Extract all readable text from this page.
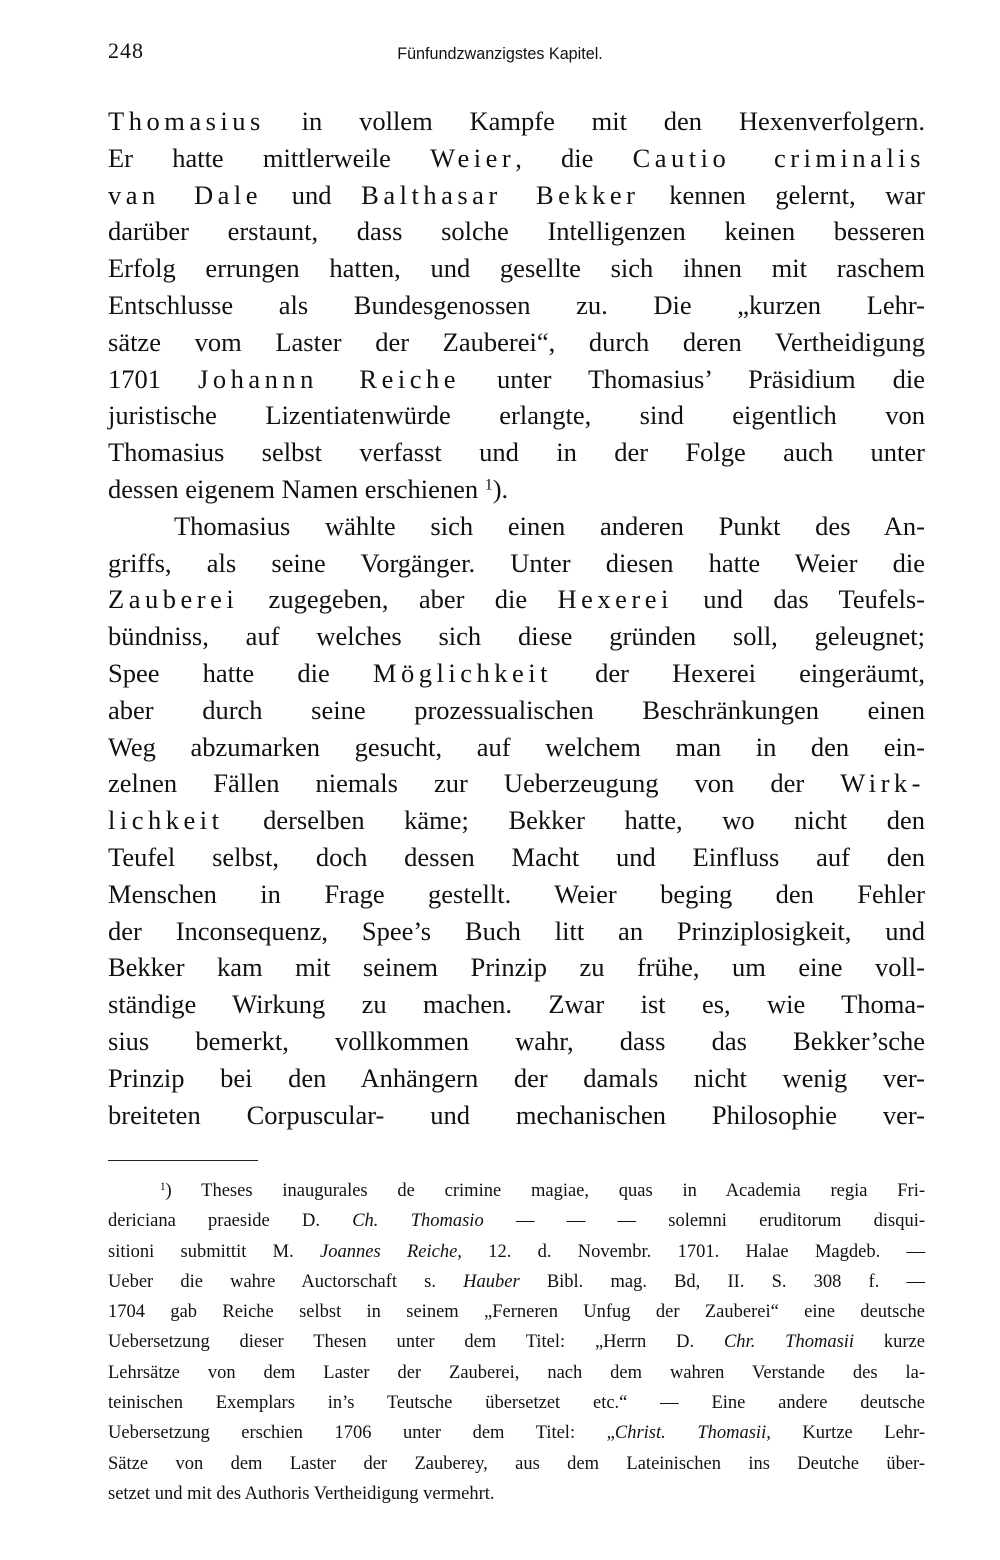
248	Fünfundzwanzigstes Kapitel.
Thomasius in vollem Kampfe mit den Hexenverfolgern.
Er hatte mittlerweile Weier, die Cautio criminalis
van Dale und Balthasar Bekker kennen gelernt, war
darüber erstaunt, dass solche Intelligenzen keinen besseren
Erfolg errungen hatten, und gesellte sich ihnen mit raschem
Entschlusse als Bundesgenossen zu. Die „kurzen Lehr-
sätze vom Laster der Zauberei“, durch deren Vertheidigung
1701 Johannn Reiche unter Thomasius’ Präsidium die
juristische Lizentiatenwürde erlangte, sind eigentlich von
Thomasius selbst verfasst und in der Folge auch unter
dessen eigenem Namen erschienen $^1$).
Thomasius wählte sich einen anderen Punkt des An-
griffs, als seine Vorgänger. Unter diesen hatte Weier die
Zauberei zugegeben, aber die Hexerei und das Teufels-
bündniss, auf welches sich diese gründen soll, geleugnet;
Spee hatte die Möglichkeit der Hexerei eingeräumt,
aber durch seine prozessualischen Beschränkungen einen
Weg abzumarken gesucht, auf welchem man in den ein-
zelnen Fällen niemals zur Ueberzeugung von der Wirk-
lichkeit derselben käme; Bekker hatte, wo nicht den
Teufel selbst, doch dessen Macht und Einfluss auf den
Menschen in Frage gestellt. Weier beging den Fehler
der Inconsequenz, Spee’s Buch litt an Prinziplosigkeit, und
Bekker kam mit seinem Prinzip zu frühe, um eine voll-
ständige Wirkung zu machen. Zwar ist es, wie Thoma-
sius bemerkt, vollkommen wahr, dass das Bekker’sche
Prinzip bei den Anhängern der damals nicht wenig ver-
breiteten Corpuscular- und mechanischen Philosophie ver-
$^1$) Theses inaugurales de crimine magiae, quas in Academia regia Fri-
dericiana praeside D. Ch. Thomasio — — — solemni eruditorum disqui-
sitioni submittit M. Joannes Reiche, 12. d. Novembr. 1701. Halae Magdeb. —
Ueber die wahre Auctorschaft s. Hauber Bibl. mag. Bd, II. S. 308 f. —
1704 gab Reiche selbst in seinem „Ferneren Unfug der Zauberei“ eine deutsche
Uebersetzung dieser Thesen unter dem Titel: „Herrn D. Chr. Thomasii kurze
Lehrsätze von dem Laster der Zauberei, nach dem wahren Verstande des la-
teinischen Exemplars in’s Teutsche übersetzet etc.“ — Eine andere deutsche
Uebersetzung erschien 1706 unter dem Titel: „Christ. Thomasii, Kurtze Lehr-
Sätze von dem Laster der Zauberey, aus dem Lateinischen ins Deutche über-
setzet und mit des Authoris Vertheidigung vermehrt.
